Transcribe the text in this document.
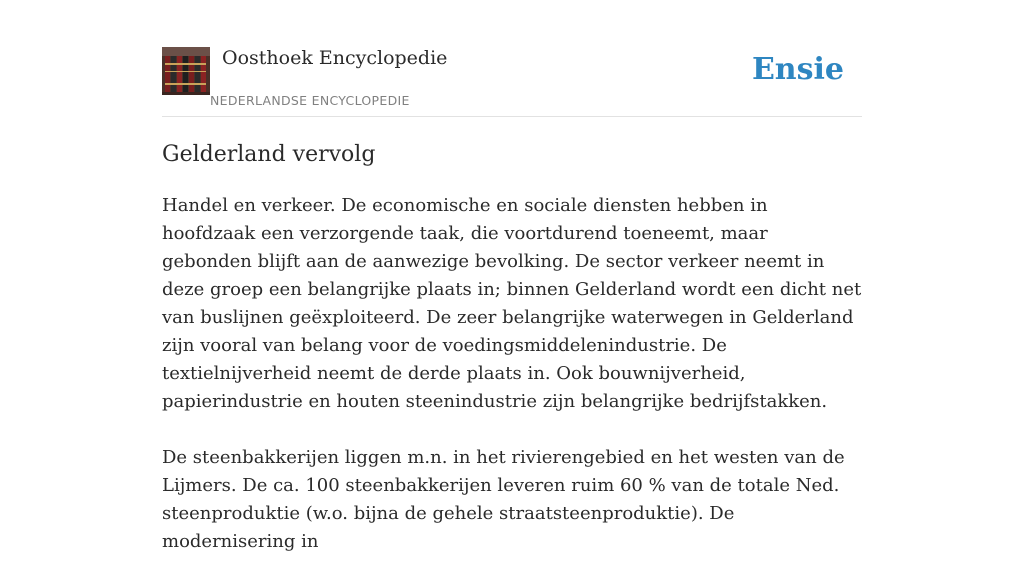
Oosthoek Encyclopedie
NEDERLANDSE ENCYCLOPEDIE
Ensie
Gelderland vervolg

Handel en verkeer. De economische en sociale diensten hebben in hoofdzaak een verzorgende taak, die voortdurend toeneemt, maar gebonden blijft aan de aanwezige bevolking. De sector verkeer neemt in deze groep een belangrijke plaats in; binnen Gelderland wordt een dicht net van buslijnen geëxploiteerd. De zeer belangrijke waterwegen in Gelderland zijn vooral van belang voor de voedingsmiddelenindustrie. De textielnijverheid neemt de derde plaats in. Ook bouwnijverheid, papierindustrie en houten steenindustrie zijn belangrijke bedrijfstakken.

De steenbakkerijen liggen m.n. in het rivierengebied en het westen van de Lijmers. De ca. 100 steenbakkerijen leveren ruim 60 % van de totale Ned. steenproduktie (w.o. bijna de gehele straatsteenproduktie). De modernisering in
